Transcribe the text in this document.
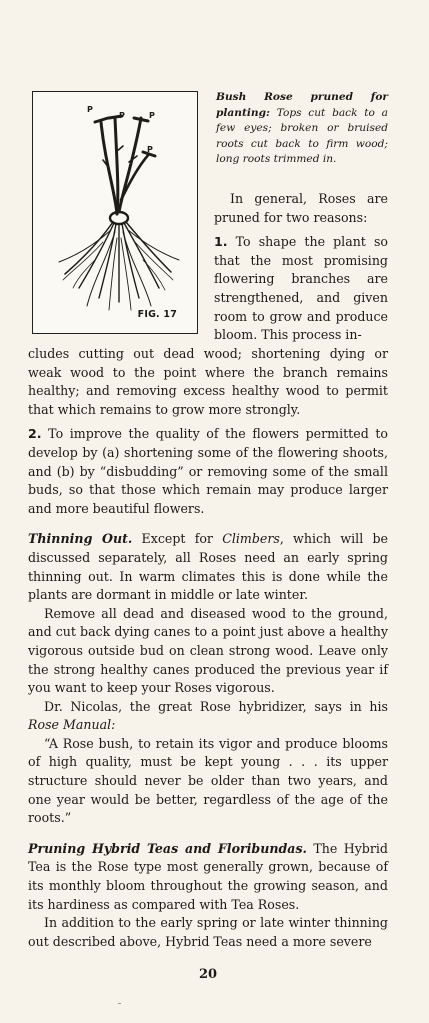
P
P	P
P
FIG. 17
Bush Rose pruned for planting: Tops cut back to a few eyes; broken or bruised roots cut back to firm wood; long roots trimmed in.

In general, Roses are pruned for two reasons:

1. To shape the plant so that the most promising flowering branches are strengthened, and given room to grow and produce bloom. This process in-

cludes cutting out dead wood; shortening dying or weak wood to the point where the branch remains healthy; and removing excess healthy wood to permit that which remains to grow more strongly.

2. To improve the quality of the flowers permitted to develop by (a) shortening some of the flowering shoots, and (b) by “disbudding” or removing some of the small buds, so that those which remain may produce larger and more beautiful flowers.

Thinning Out. Except for Climbers, which will be discussed separately, all Roses need an early spring thinning out. In warm climates this is done while the plants are dormant in middle or late winter.

Remove all dead and diseased wood to the ground, and cut back dying canes to a point just above a healthy vigorous outside bud on clean strong wood. Leave only the strong healthy canes produced the previous year if you want to keep your Roses vigorous.

Dr. Nicolas, the great Rose hybridizer, says in his Rose Manual:

“A Rose bush, to retain its vigor and produce blooms of high quality, must be kept young . . . its upper structure should never be older than two years, and one year would be better, regardless of the age of the roots.”

Pruning Hybrid Teas and Floribundas. The Hybrid Tea is the Rose type most generally grown, because of its monthly bloom throughout the growing season, and its hardiness as compared with Tea Roses.

In addition to the early spring or late winter thinning out described above, Hybrid Teas need a more severe

20
